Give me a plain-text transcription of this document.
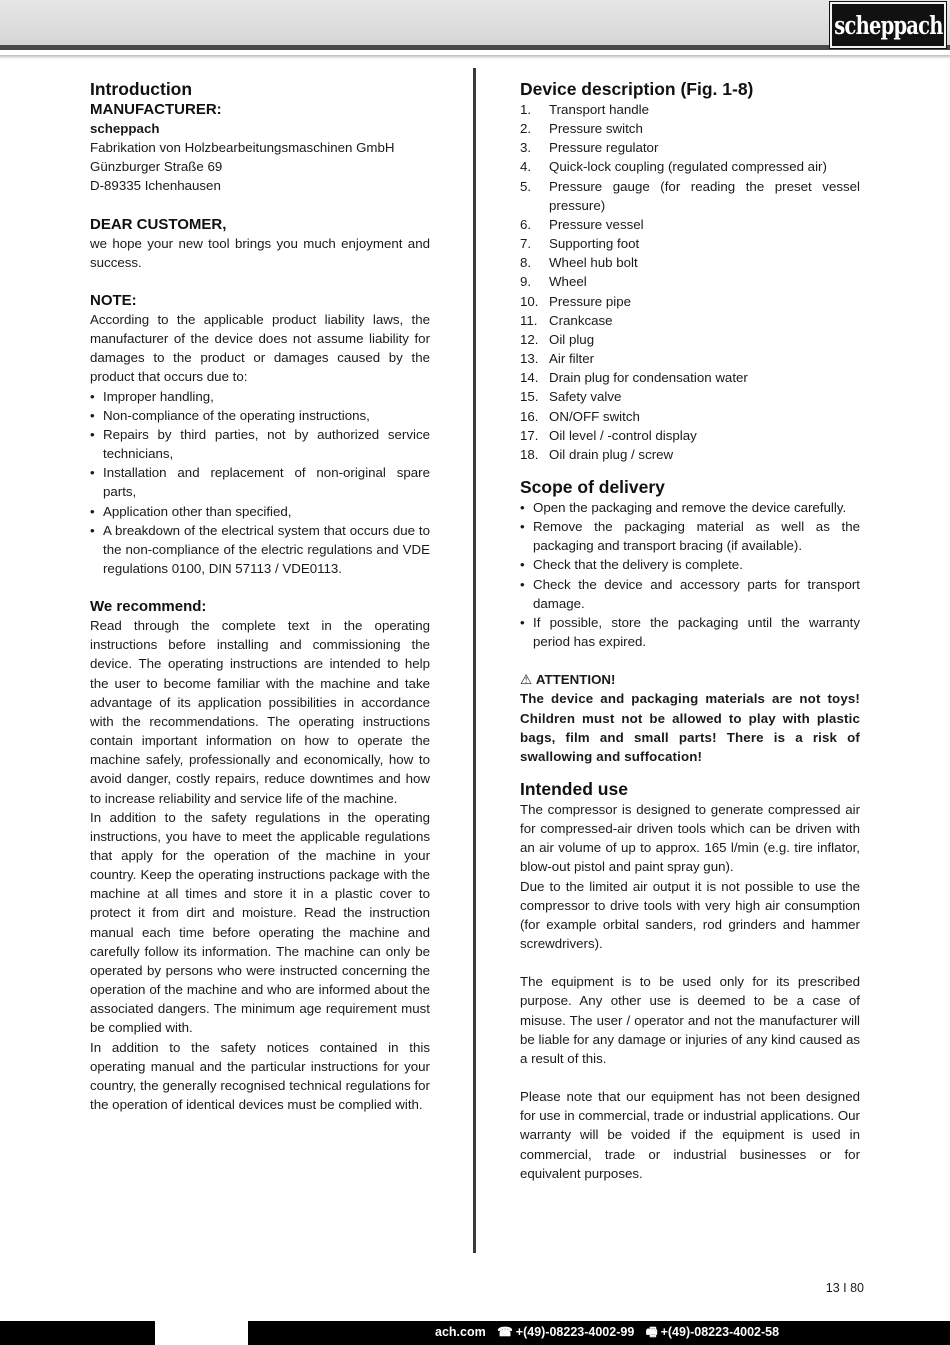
scheppach
Introduction
MANUFACTURER:
scheppach
Fabrikation von Holzbearbeitungsmaschinen GmbH
Günzburger Straße 69
D-89335 Ichenhausen
DEAR CUSTOMER,

we hope your new tool brings you much enjoyment and success.

NOTE:

According to the applicable product liability laws, the manufacturer of the device does not assume liability for damages to the product or damages caused by the product that occurs due to:

• Improper handling,
• Non-compliance of the operating instructions,
• Repairs by third parties, not by authorized service technicians,
• Installation and replacement of non-original spare parts,
• Application other than specified,
• A breakdown of the electrical system that occurs due to the non-compliance of the electric regulations and VDE regulations 0100, DIN 57113 / VDE0113.
We recommend:

Read through the complete text in the operating instructions before installing and commissioning the device. The operating instructions are intended to help the user to become familiar with the machine and take advantage of its application possibilities in accordance with the recommendations. The operating instructions contain important information on how to operate the machine safely, professionally and economically, how to avoid danger, costly repairs, reduce downtimes and how to increase reliability and service life of the machine.

In addition to the safety regulations in the operating instructions, you have to meet the applicable regulations that apply for the operation of the machine in your country. Keep the operating instructions package with the machine at all times and store it in a plastic cover to protect it from dirt and moisture. Read the instruction manual each time before operating the machine and carefully follow its information. The machine can only be operated by persons who were instructed concerning the operation of the machine and who are informed about the associated dangers. The minimum age requirement must be complied with.

In addition to the safety notices contained in this operating manual and the particular instructions for your country, the generally recognised technical regulations for the operation of identical devices must be complied with.

Device description (Fig. 1-8)
1. Transport handle
2. Pressure switch
3. Pressure regulator
4. Quick-lock coupling (regulated compressed air)
5. Pressure gauge (for reading the preset vessel pressure)
6. Pressure vessel
7. Supporting foot
8. Wheel hub bolt
9. Wheel
10. Pressure pipe
11. Crankcase
12. Oil plug
13. Air filter
14. Drain plug for condensation water
15. Safety valve
16. ON/OFF switch
17. Oil level / -control display
18. Oil drain plug / screw
Scope of delivery
• Open the packaging and remove the device carefully.
• Remove the packaging material as well as the packaging and transport bracing (if available).
• Check that the delivery is complete.
• Check the device and accessory parts for transport damage.
• If possible, store the packaging until the warranty period has expired.
⚠ ATTENTION!

The device and packaging materials are not toys! Children must not be allowed to play with plastic bags, film and small parts! There is a risk of swallowing and suffocation!

Intended use

The compressor is designed to generate compressed air for compressed-air driven tools which can be driven with an air volume of up to approx. 165 l/min (e.g. tire inflator, blow-out pistol and paint spray gun).

Due to the limited air output it is not possible to use the compressor to drive tools with very high air consumption (for example orbital sanders, rod grinders and hammer screwdrivers).

The equipment is to be used only for its prescribed purpose. Any other use is deemed to be a case of misuse. The user / operator and not the manufacturer will be liable for any damage or injuries of any kind caused as a result of this.

Please note that our equipment has not been designed for use in commercial, trade or industrial applications. Our warranty will be voided if the equipment is used in commercial, trade or industrial businesses or for equivalent purposes.

13 I 80
ach.com ☎ +(49)-08223-4002-99 🖷 +(49)-08223-4002-58
